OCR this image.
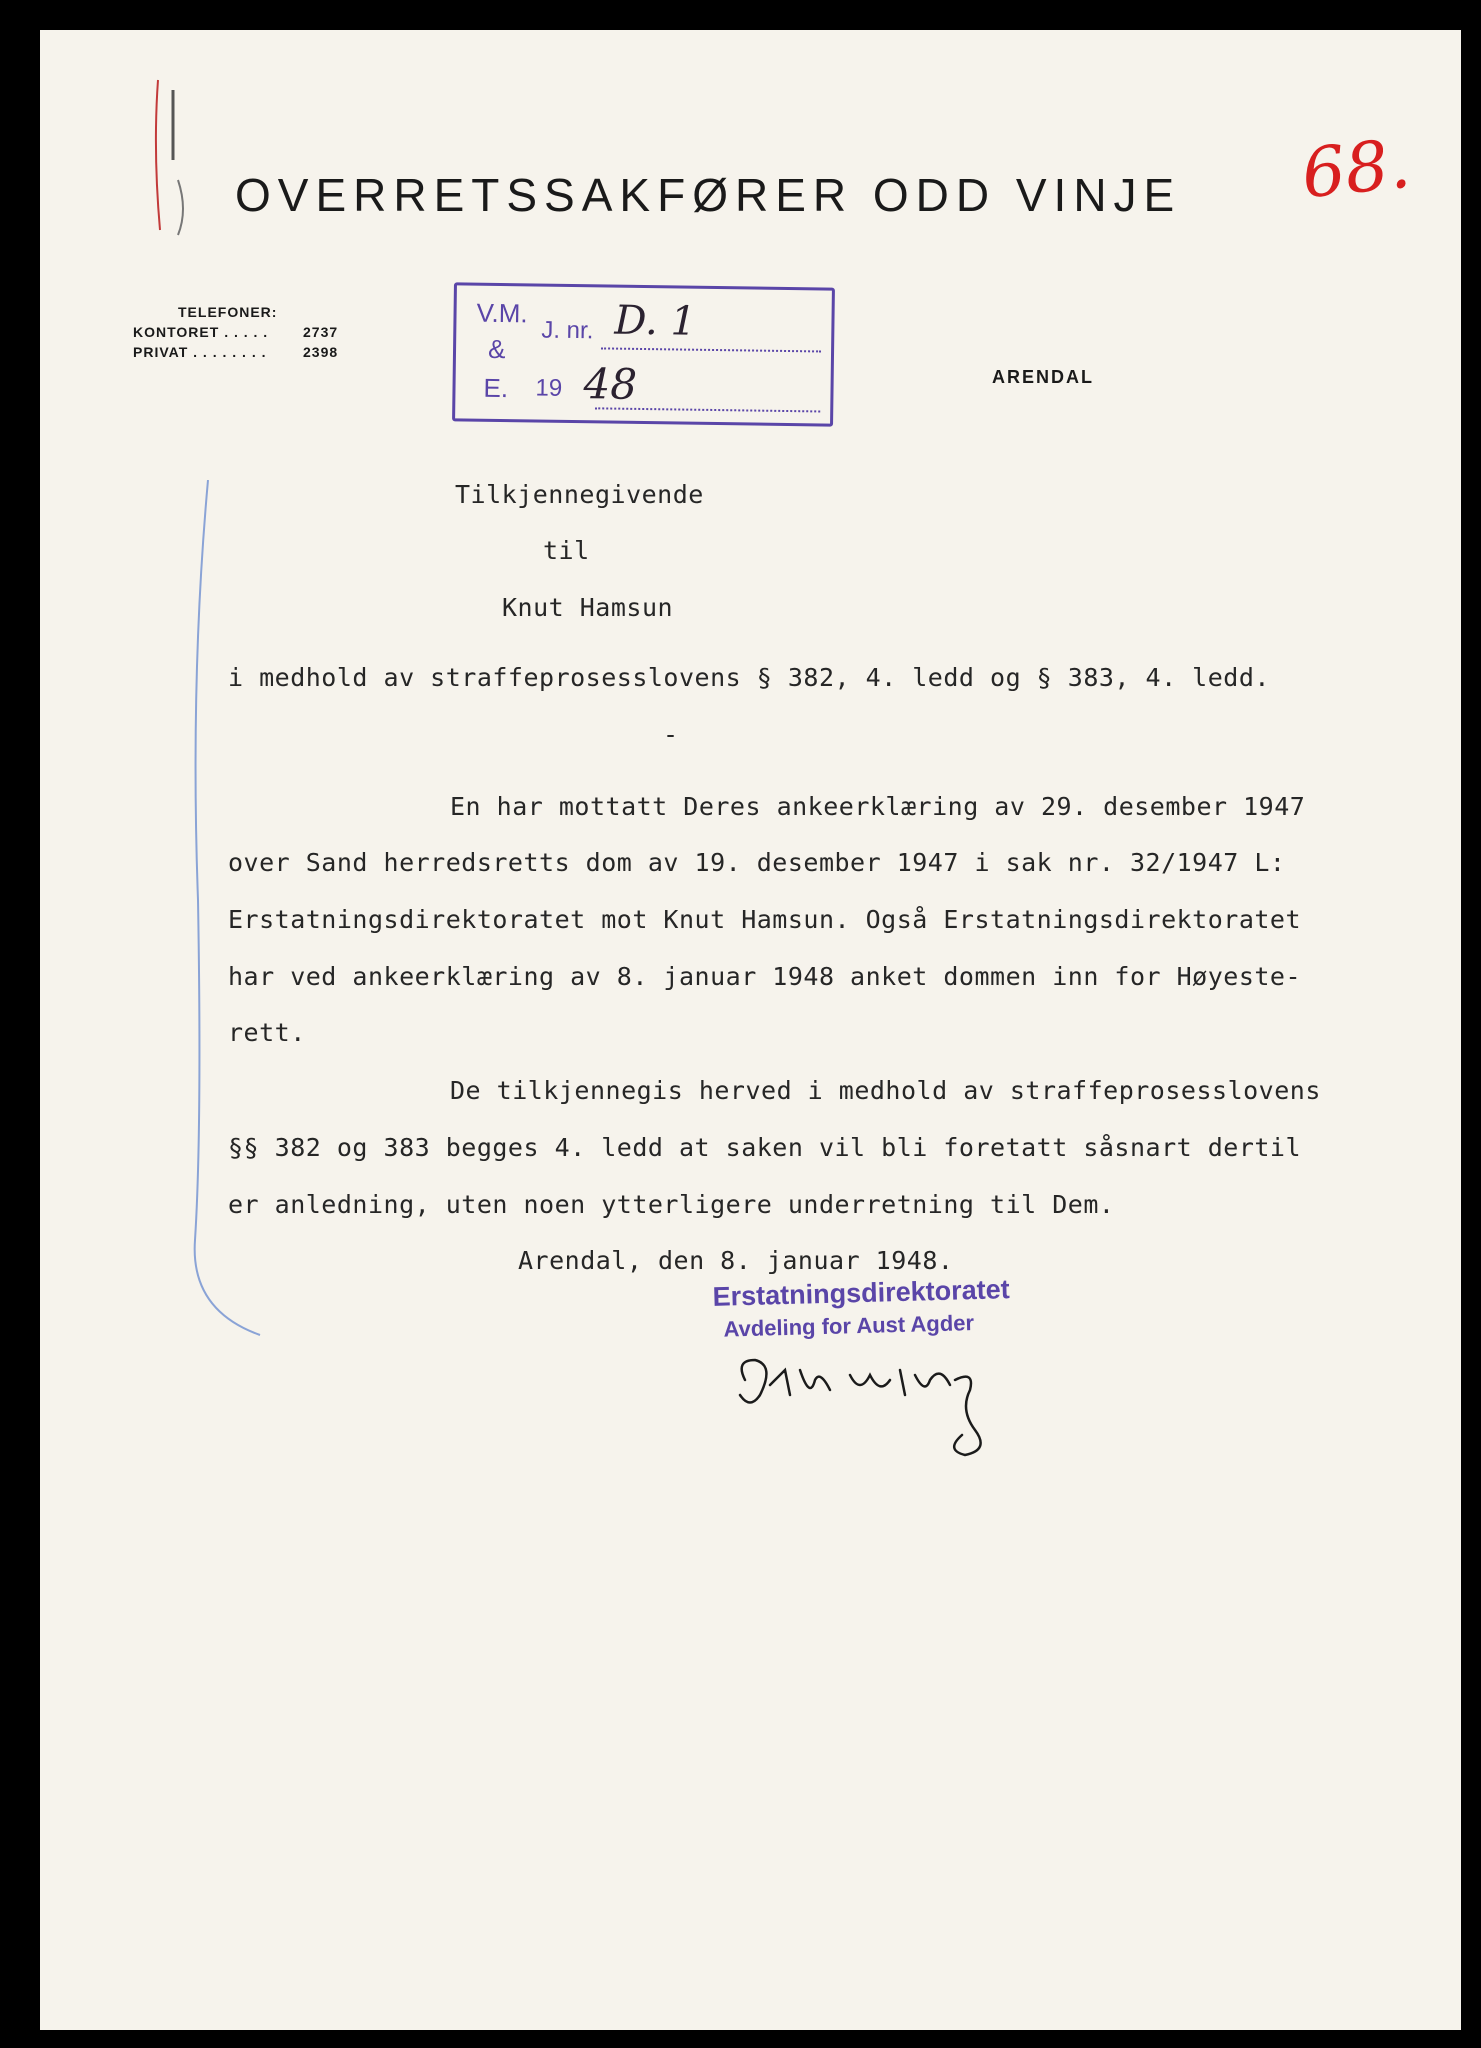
OVERRETSSAKFØRER ODD VINJE 68.
TELEFONER:
KONTORET . . . . .	2737
PRIVAT . . . . . . . .	2398
V.M.
&
E.
J. nr.
19
D. 1
48	ARENDAL
Tilkjennegivende
til
Knut Hamsun
i medhold av straffeprosesslovens § 382, 4. ledd og § 383, 4. ledd.
-
En har mottatt Deres ankeerklæring av 29. desember 1947
over Sand herredsretts dom av 19. desember 1947 i sak nr. 32/1947 L:
Erstatningsdirektoratet mot Knut Hamsun. Også Erstatningsdirektoratet
har ved ankeerklæring av 8. januar 1948 anket dommen inn for Høyeste-
rett.
De tilkjennegis herved i medhold av straffeprosesslovens
§§ 382 og 383 begges 4. ledd at saken vil bli foretatt såsnart dertil
er anledning, uten noen ytterligere underretning til Dem.
Arendal, den 8. januar 1948.
Erstatningsdirektoratet
Avdeling for Aust Agder
